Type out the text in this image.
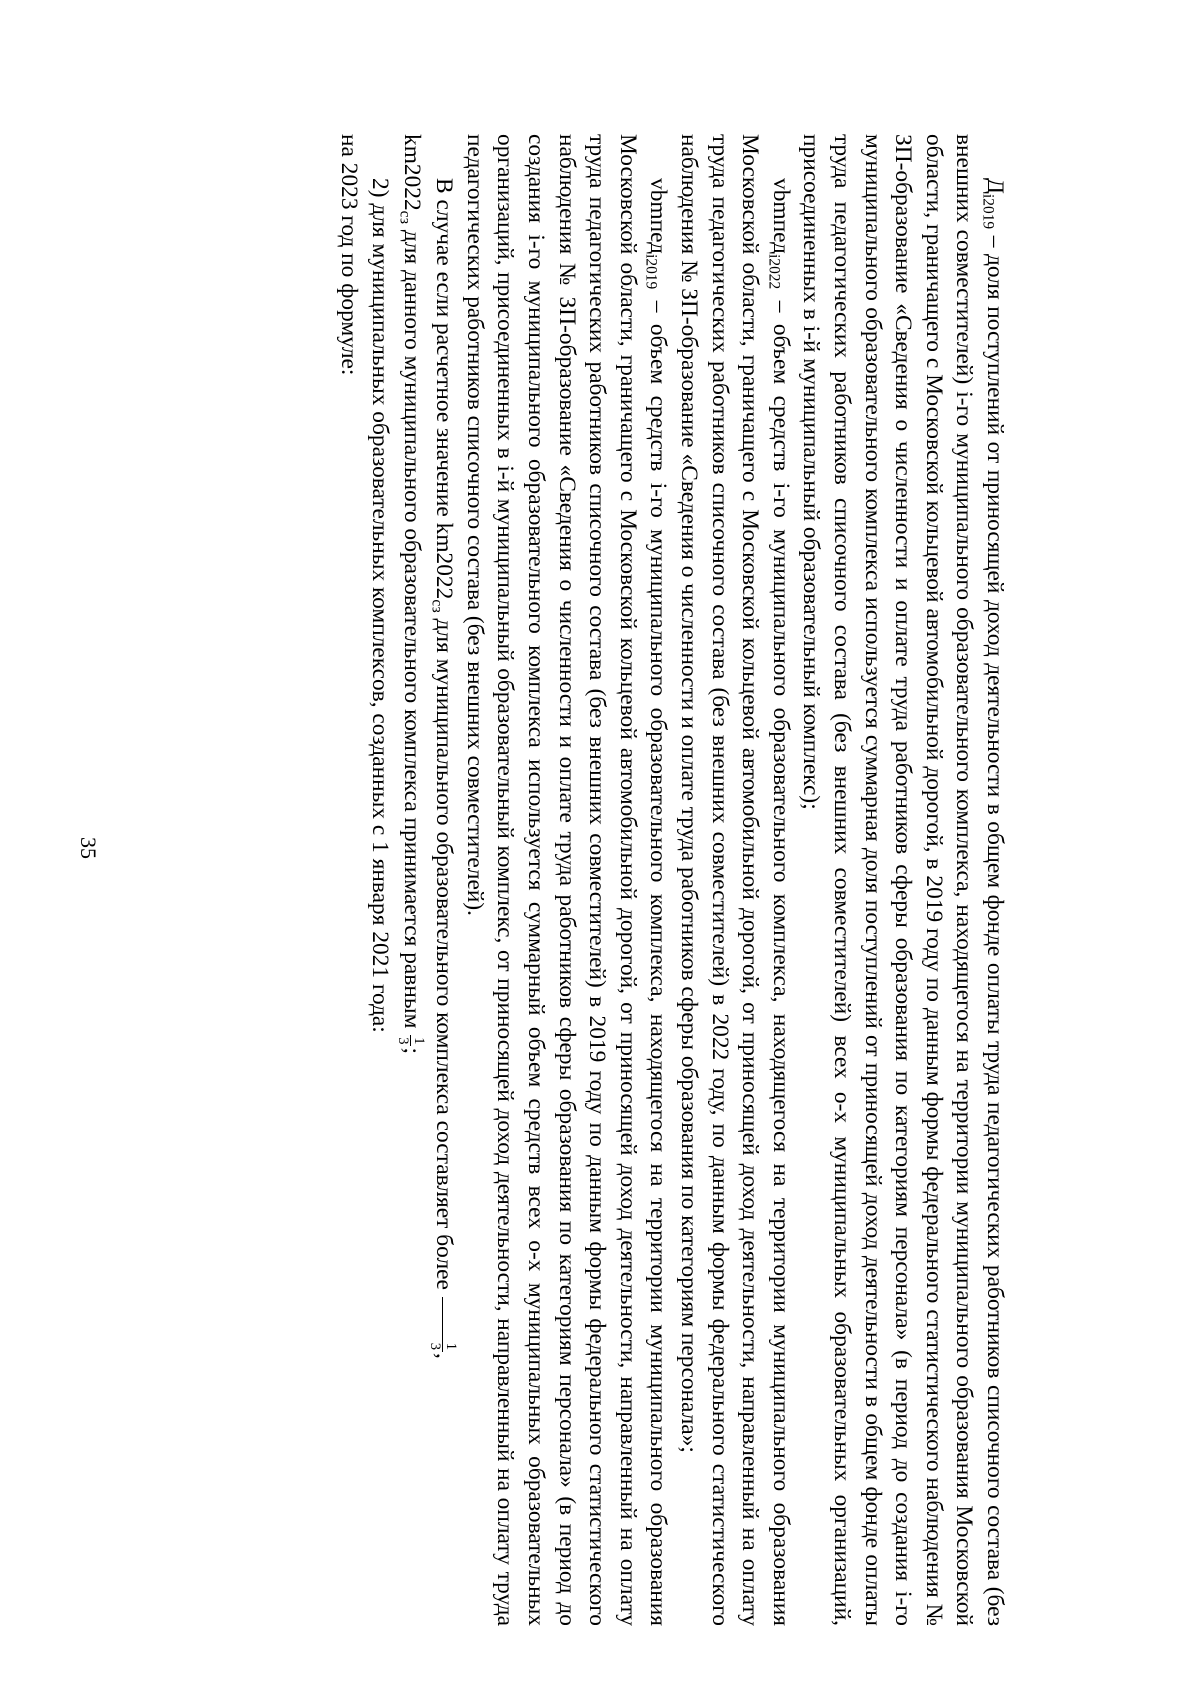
35

$Д_{i2019}$ – доля поступлений от приносящей доход деятельности в общем фонде оплаты труда педагогических работников списочного состава (без внешних совместителей) i-го муниципального образовательного комплекса, находящегося на территории муниципального образования Московской области, граничащего с Московской кольцевой автомобильной дорогой, в 2019 году по данным формы федерального статистического наблюдения № ЗП-образование «Сведения о численности и оплате труда работников сферы образования по категориям персонала» (в период до создания i-го муниципального образовательного комплекса используется суммарная доля поступлений от приносящей доход деятельности в общем фонде оплаты труда педагогических работников списочного состава (без внешних совместителей) всех о-х муниципальных образовательных организаций, присоединенных в i-й муниципальный образовательный комплекс);

vbmпед$_{i2022}$ – объем средств i-го муниципального образовательного комплекса, находящегося на территории муниципального образования Московской области, граничащего с Московской кольцевой автомобильной дорогой, от приносящей доход деятельности, направленный на оплату труда педагогических работников списочного состава (без внешних совместителей) в 2022 году, по данным формы федерального статистического наблюдения № ЗП-образование «Сведения о численности и оплате труда работников сферы образования по категориям персонала»;

vbmпед$_{i2019}$ – объем средств i-го муниципального образовательного комплекса, находящегося на территории муниципального образования Московской области, граничащего с Московской кольцевой автомобильной дорогой, от приносящей доход деятельности, направленный на оплату труда педагогических работников списочного состава (без внешних совместителей) в 2019 году по данным формы федерального статистического наблюдения № ЗП-образование «Сведения о численности и оплате труда работников сферы образования по категориям персонала» (в период до создания i-го муниципального образовательного комплекса используется суммарный объем средств всех о-х муниципальных образовательных организаций, присоединенных в i-й муниципальный образовательный комплекс, от приносящей доход деятельности, направленный на оплату труда педагогических работников списочного состава (без внешних совместителей).

В случае если расчетное значение $km2022_{сз}$ для муниципального образовательного комплекса составляет более
1
3
,

$km2022_{сз}$ для данного муниципального образовательного комплекса принимается равным
1
3
;

2) для муниципальных образовательных комплексов, созданных с 1 января 2021 года:

на 2023 год по формуле:
